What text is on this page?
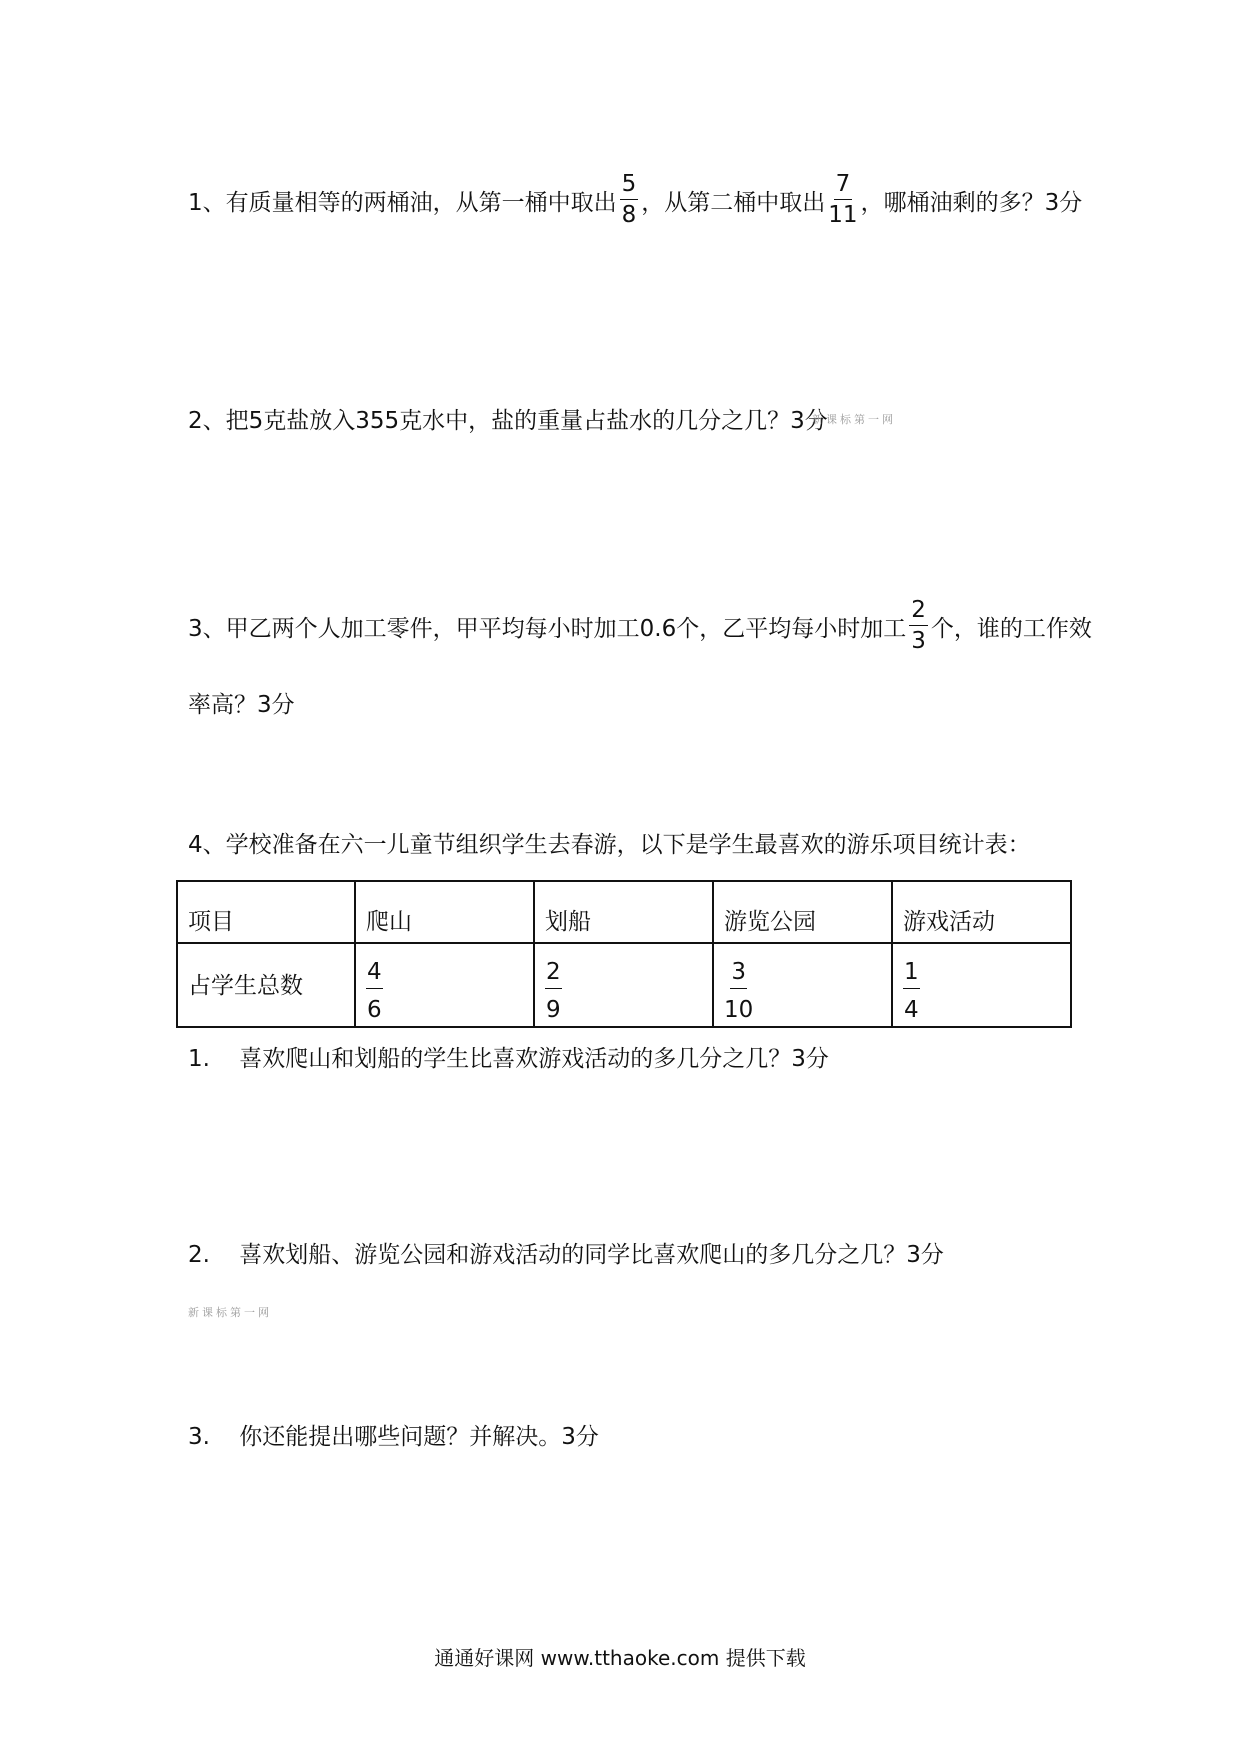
1、有质量相等的两桶油，从第一桶中取出 $\frac{5}{8}$ ，从第二桶中取出 $\frac{7}{11}$ ，哪桶油剩的多？3分
2、把5克盐放入355克水中，盐的重量占盐水的几分之几？3分
新课标第一网
3、甲乙两个人加工零件，甲平均每小时加工0.6个，乙平均每小时加工 $\frac{2}{3}$ 个，谁的工作效
率高？3分
4、学校准备在六一儿童节组织学生去春游，以下是学生最喜欢的游乐项目统计表：
项目	爬山	划船	游览公园	游戏活动
占学生总数	$\frac{4}{6}$	$\frac{2}{9}$	$\frac{3}{10}$	$\frac{1}{4}$
1. 喜欢爬山和划船的学生比喜欢游戏活动的多几分之几？3分
2. 喜欢划船、游览公园和游戏活动的同学比喜欢爬山的多几分之几？3分
新课标第一网
3. 你还能提出哪些问题？并解决。3分
通通好课网 www.tthaoke.com 提供下载
